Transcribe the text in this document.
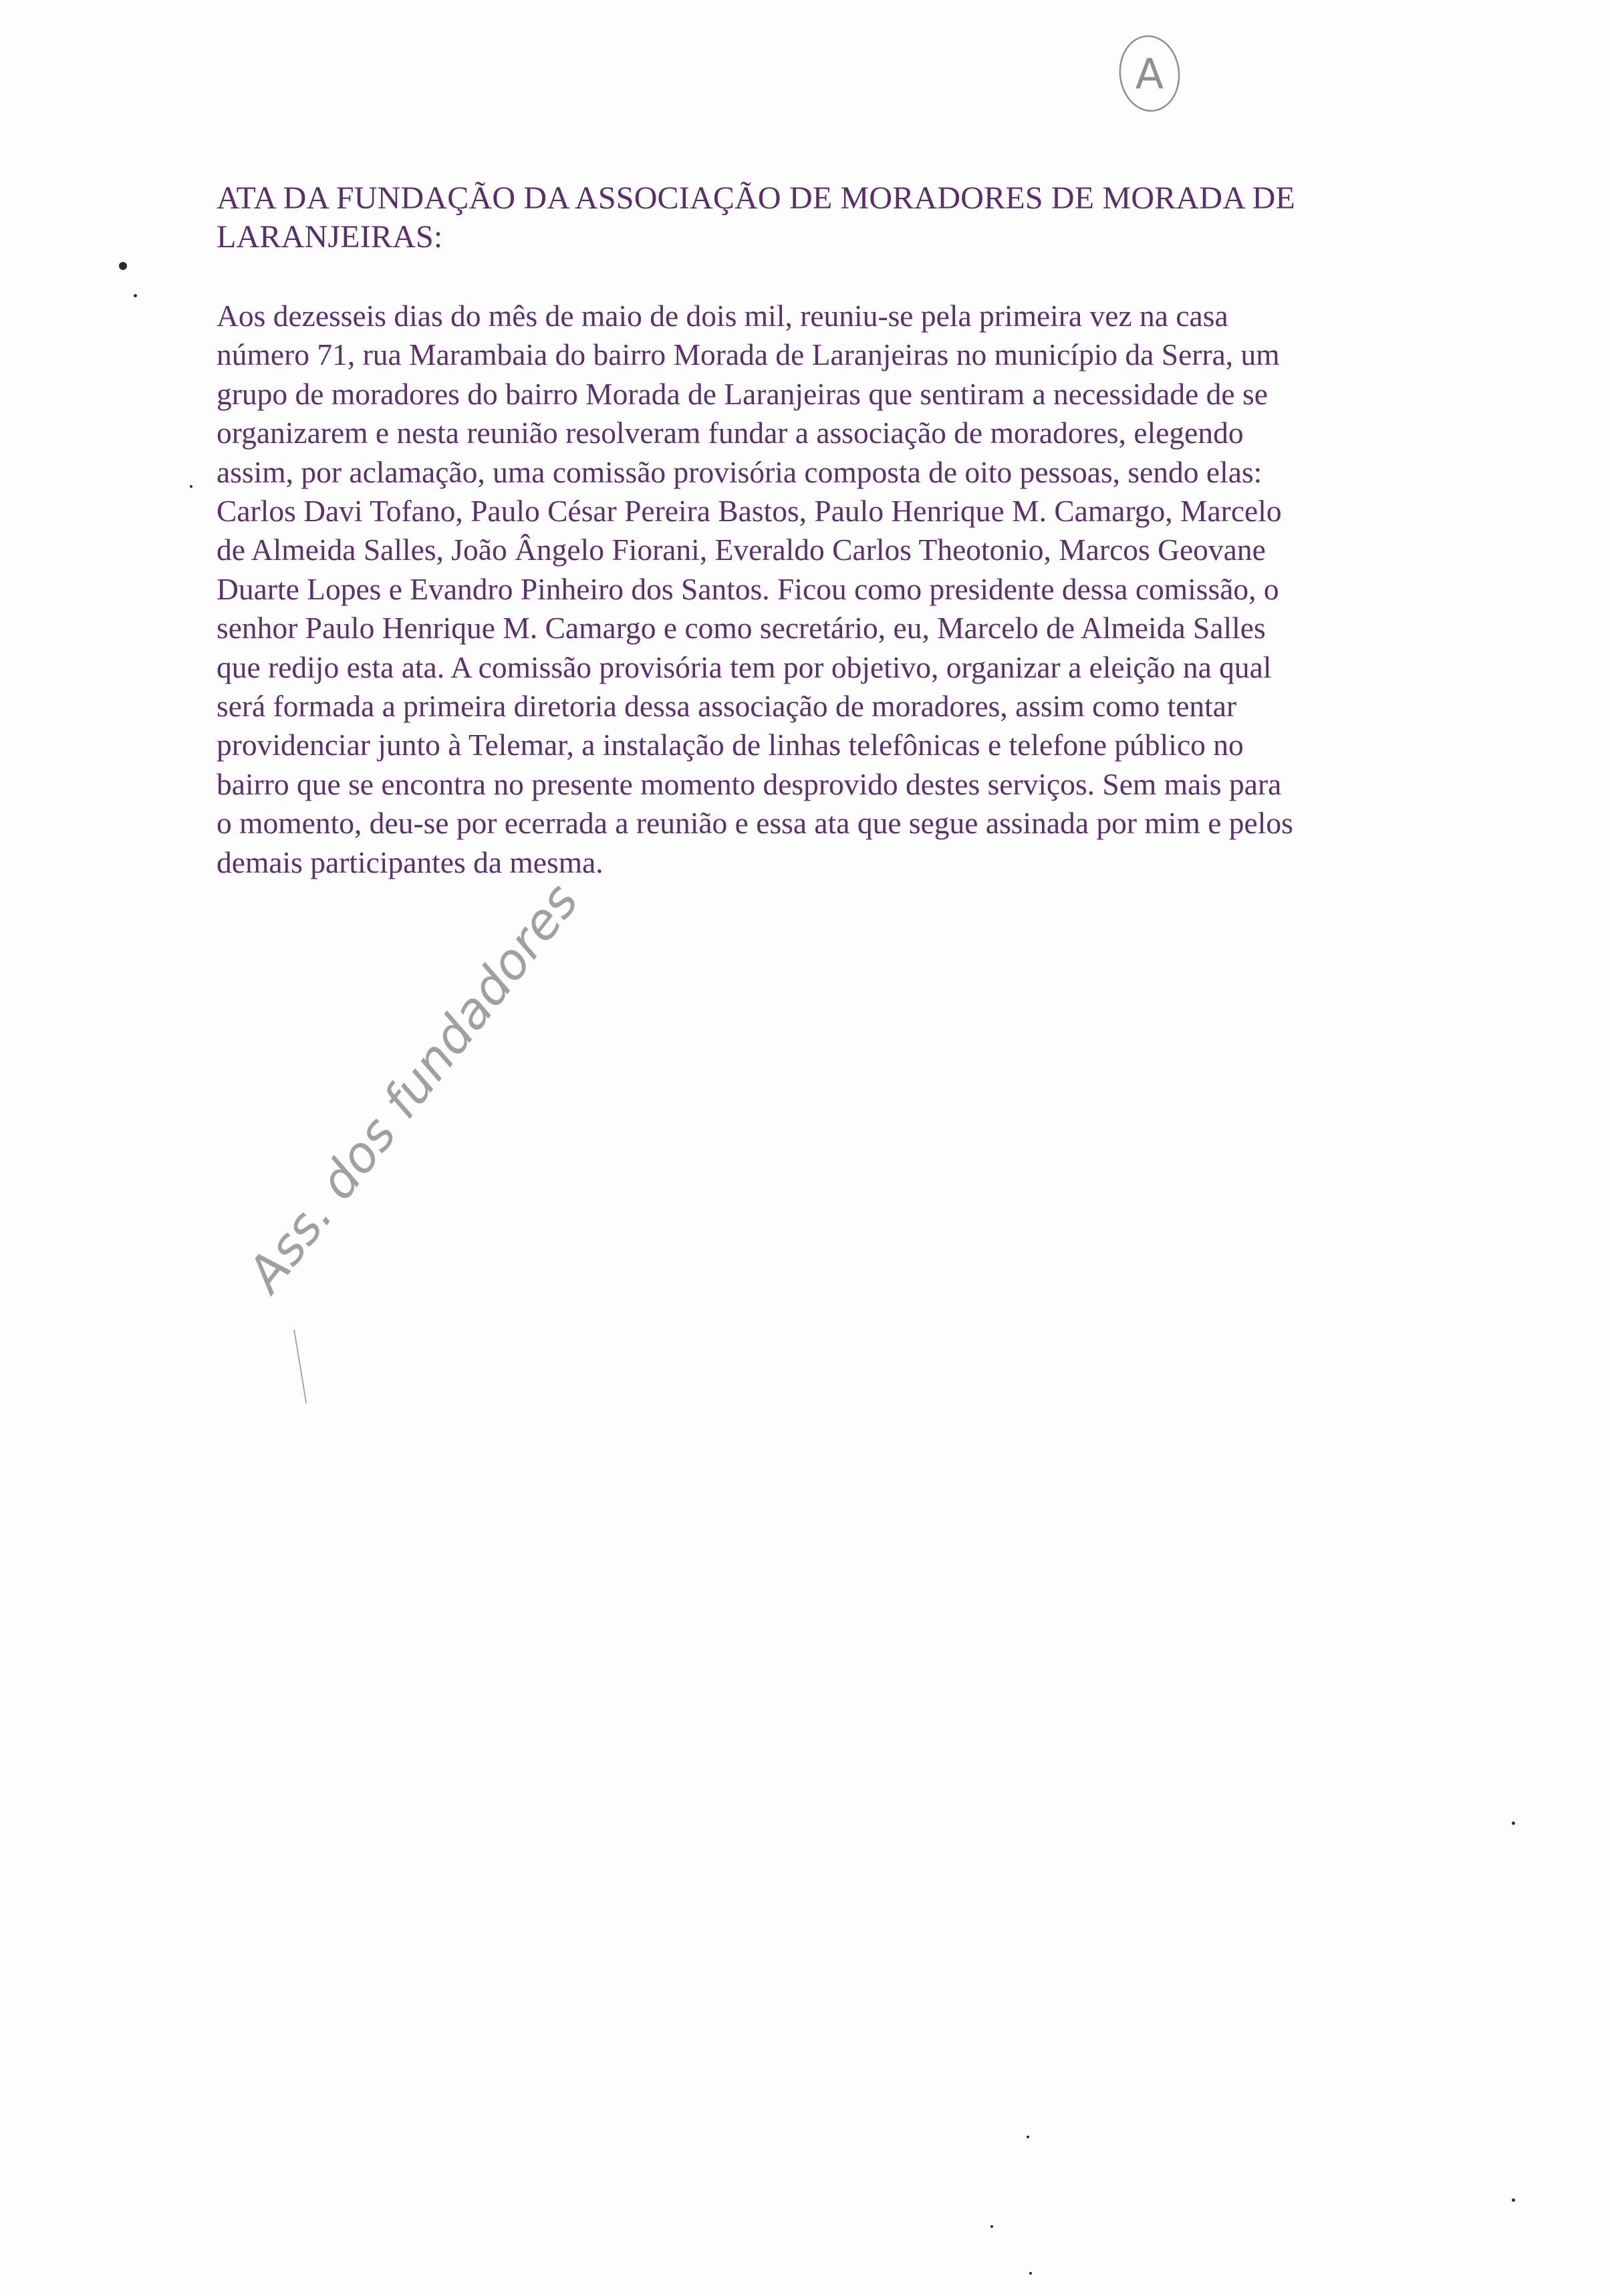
A
ATA DA FUNDAÇÃO DA ASSOCIAÇÃO DE MORADORES DE MORADA DE LARANJEIRAS:
Aos dezesseis dias do mês de maio de dois mil, reuniu-se pela primeira vez na casa
número 71, rua Marambaia do bairro Morada de Laranjeiras no município da Serra, um
grupo de moradores do bairro Morada de Laranjeiras que sentiram a necessidade de se
organizarem e nesta reunião resolveram fundar a associação de moradores, elegendo
assim, por aclamação, uma comissão provisória composta de oito pessoas, sendo elas:
Carlos Davi Tofano, Paulo César Pereira Bastos, Paulo Henrique M. Camargo, Marcelo
de Almeida Salles, João Ângelo Fiorani, Everaldo Carlos Theotonio, Marcos Geovane
Duarte Lopes e Evandro Pinheiro dos Santos. Ficou como presidente dessa comissão, o
senhor Paulo Henrique M. Camargo e como secretário, eu, Marcelo de Almeida Salles
que redijo esta ata. A comissão provisória tem por objetivo, organizar a eleição na qual
será formada a primeira diretoria dessa associação de moradores, assim como tentar
providenciar junto à Telemar, a instalação de linhas telefônicas e telefone público no
bairro que se encontra no presente momento desprovido destes serviços. Sem mais para
o momento, deu-se por ecerrada a reunião e essa ata que segue assinada por mim e pelos
demais participantes da mesma.
Ass. dos fundadores
